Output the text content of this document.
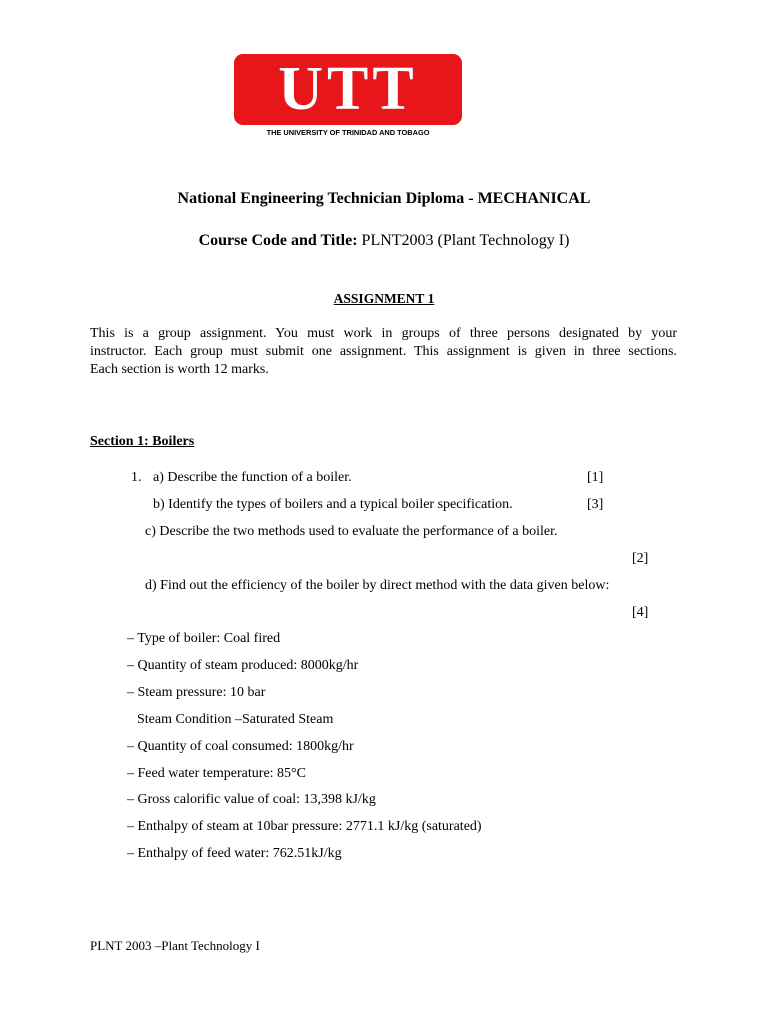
UTT
THE UNIVERSITY OF TRINIDAD AND TOBAGO
National Engineering Technician Diploma - MECHANICAL
Course Code and Title: PLNT2003 (Plant Technology I)
ASSIGNMENT 1
This is a group assignment. You must work in groups of three persons designated by your
instructor. Each group must submit one assignment. This assignment is given in three sections.
Each section is worth 12 marks.
Section 1: Boilers
1. a) Describe the function of a boiler.	[1]
b) Identify the types of boilers and a typical boiler specification.	[3]
c) Describe the two methods used to evaluate the performance of a boiler.
[2]
d) Find out the efficiency of the boiler by direct method with the data given below:
[4]
– Type of boiler: Coal fired
– Quantity of steam produced: 8000kg/hr
– Steam pressure: 10 bar
Steam Condition –Saturated Steam
– Quantity of coal consumed: 1800kg/hr
– Feed water temperature: 85°C
– Gross calorific value of coal: 13,398 kJ/kg
– Enthalpy of steam at 10bar pressure: 2771.1 kJ/kg (saturated)
– Enthalpy of feed water: 762.51kJ/kg
PLNT 2003 –Plant Technology I
